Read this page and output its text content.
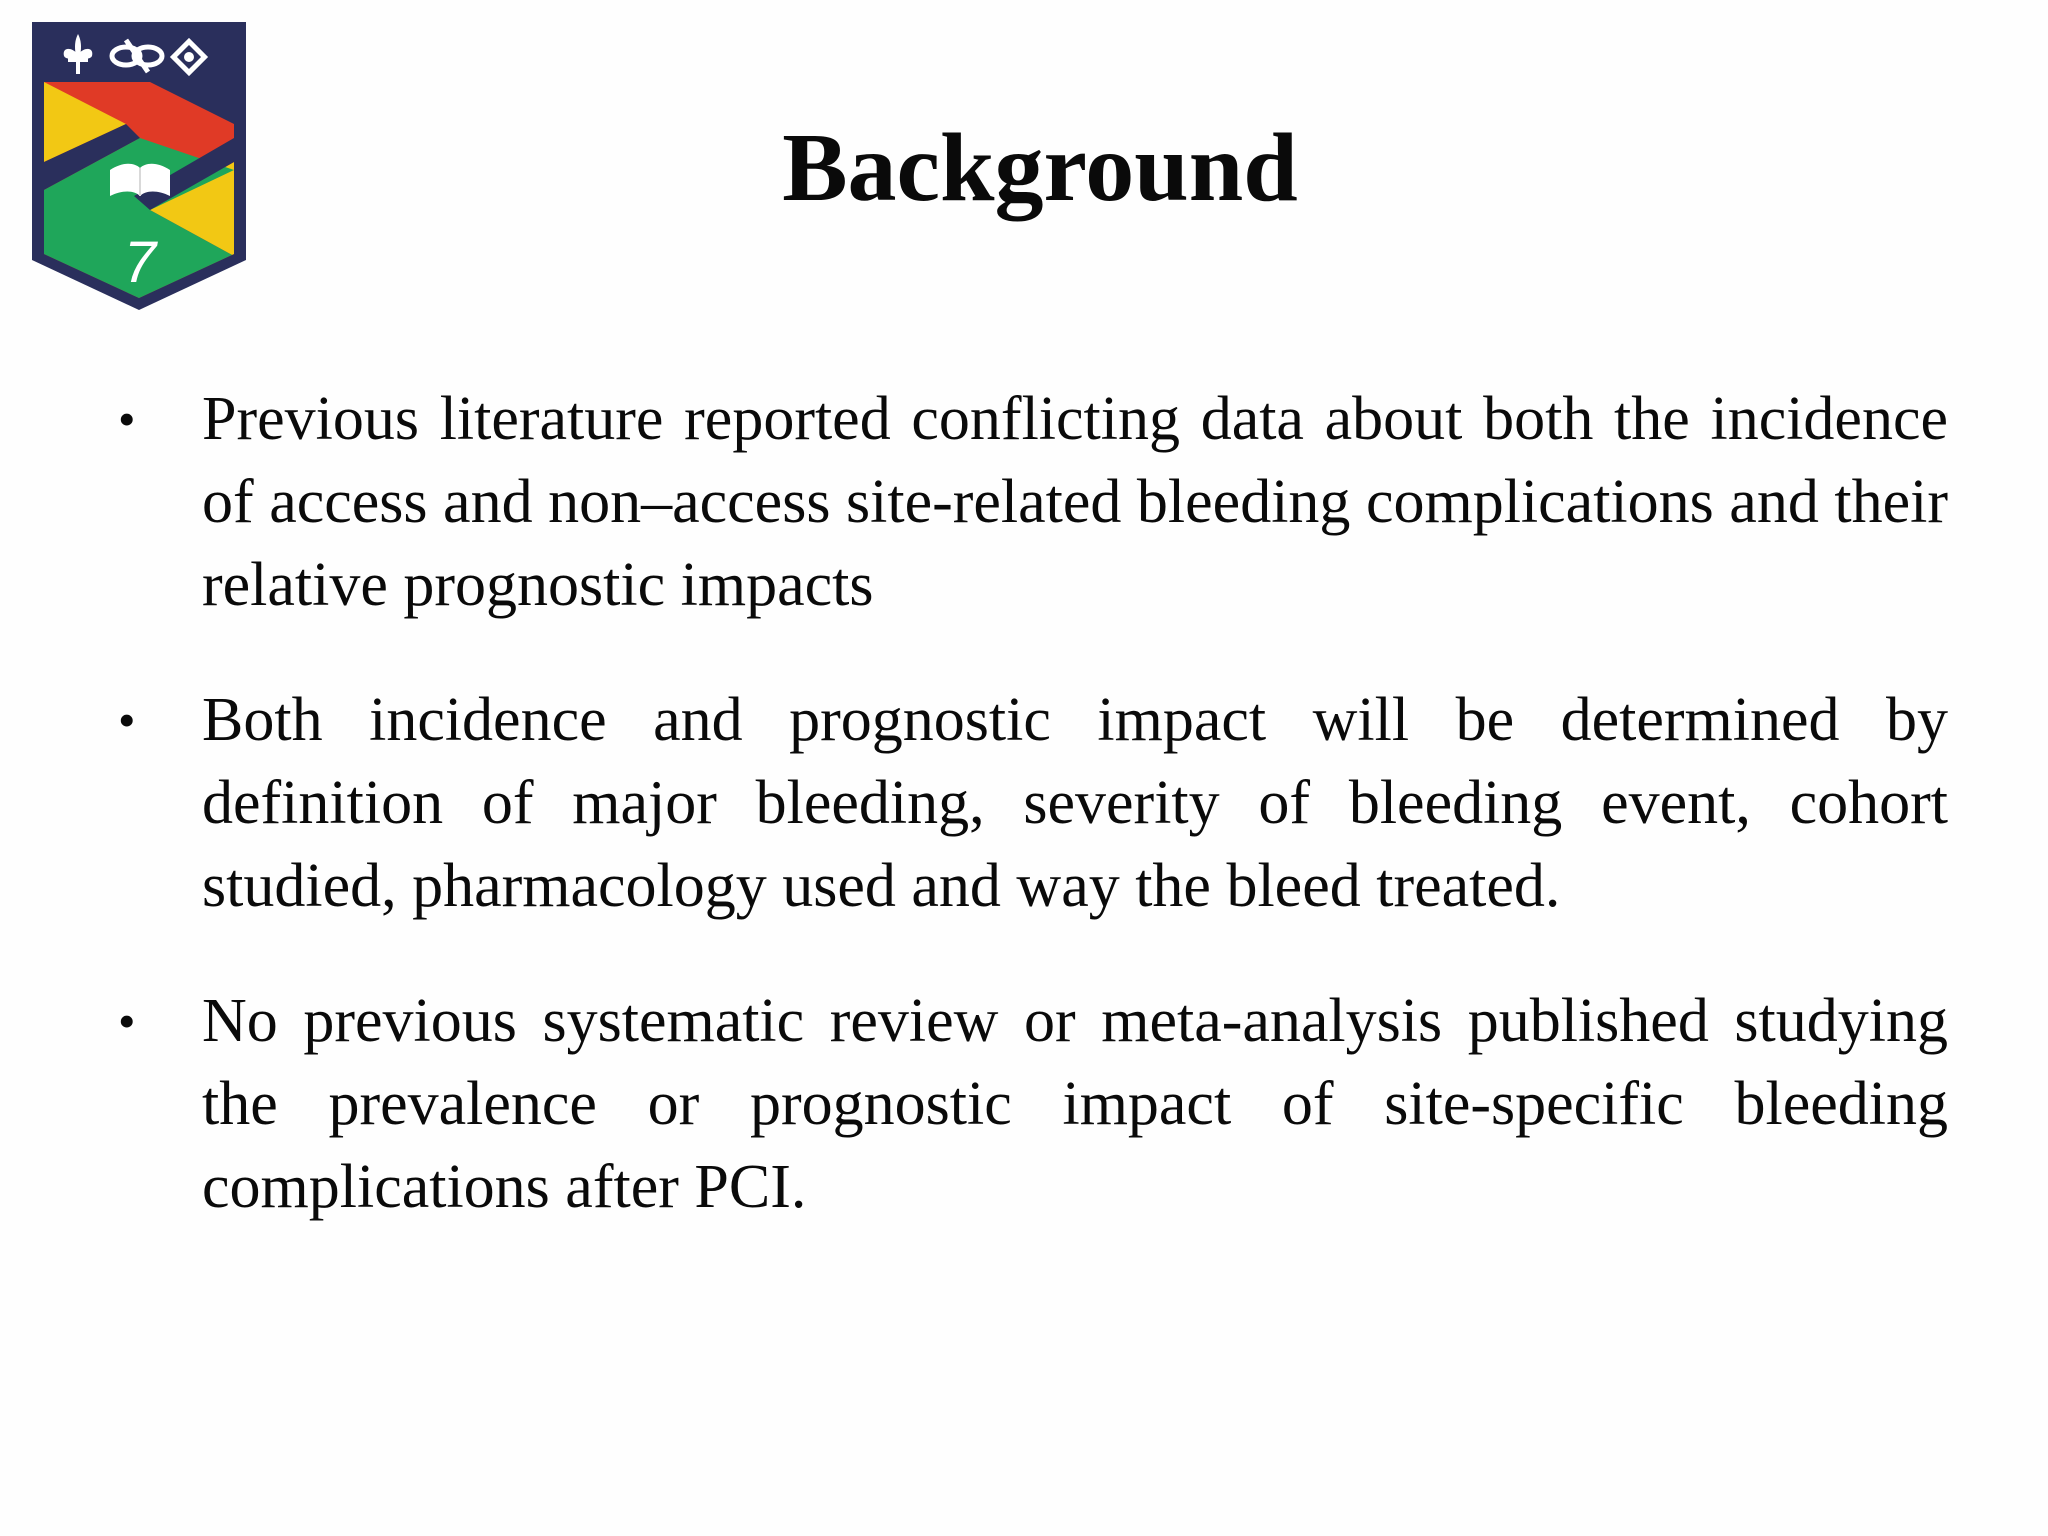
7
Background
•	Previous literature reported conflicting data about both the incidence of access and non–access site-related bleeding complications and their relative prognostic impacts
•	Both incidence and prognostic impact will be determined by definition of major bleeding, severity of bleeding event, cohort studied, pharmacology used and way the bleed treated.
•	No previous systematic review or meta-analysis published studying the prevalence or prognostic impact of site-specific bleeding complications after PCI.
